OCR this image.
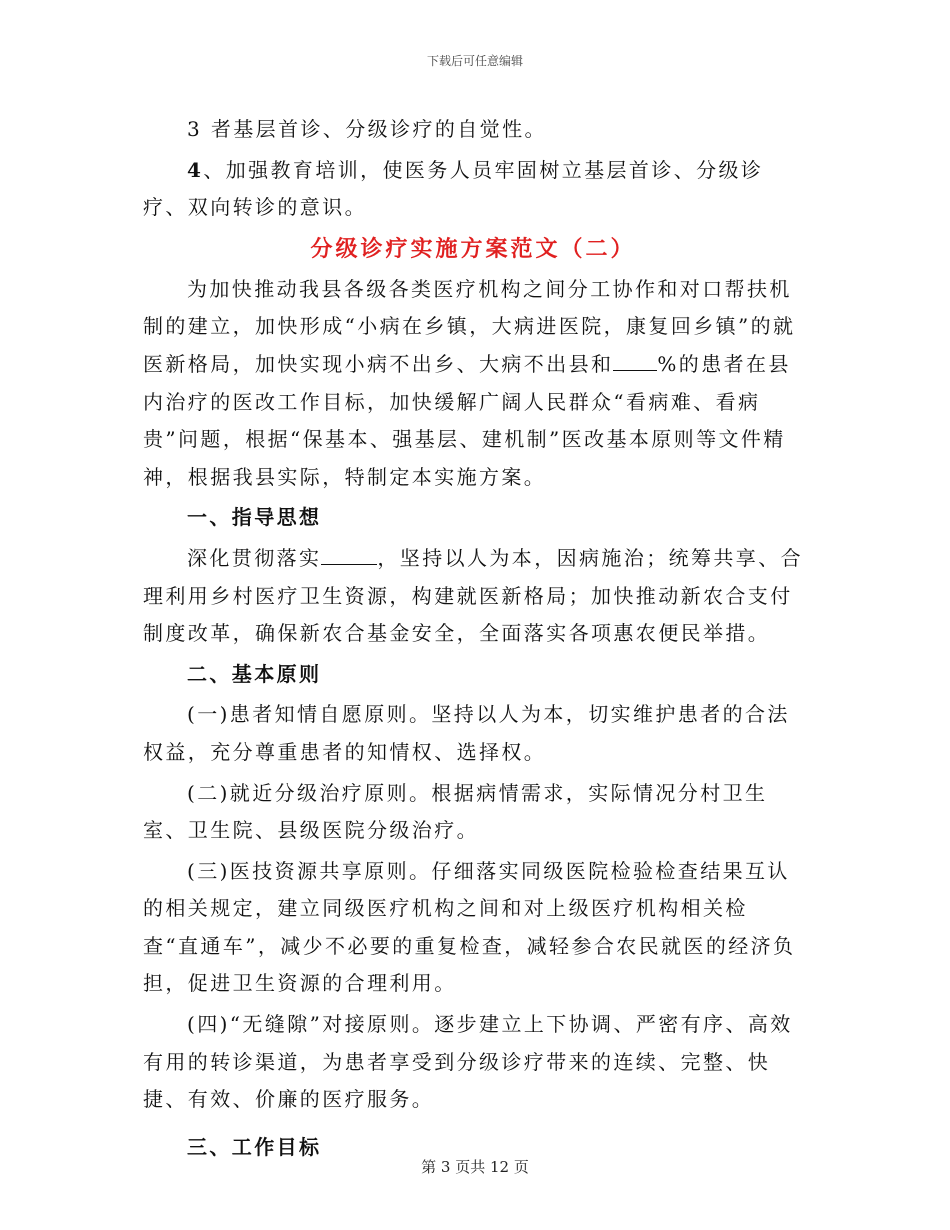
下载后可任意编辑

3 者基层首诊、分级诊疗的自觉性。

4、加强教育培训，使医务人员牢固树立基层首诊、分级诊疗、双向转诊的意识。

分级诊疗实施方案范文（二）

为加快推动我县各级各类医疗机构之间分工协作和对口帮扶机制的建立，加快形成“小病在乡镇，大病进医院，康复回乡镇”的就医新格局，加快实现小病不出乡、大病不出县和 %的患者在县内治疗的医改工作目标，加快缓解广阔人民群众“看病难、看病贵”问题，根据“保基本、强基层、建机制”医改基本原则等文件精神，根据我县实际，特制定本实施方案。

一、指导思想

深化贯彻落实	，坚持以人为本，因病施治；统筹共享、合理利用乡村医疗卫生资源，构建就医新格局；加快推动新农合支付制度改革，确保新农合基金安全，全面落实各项惠农便民举措。

二、基本原则

(一)患者知情自愿原则。坚持以人为本，切实维护患者的合法权益，充分尊重患者的知情权、选择权。

(二)就近分级治疗原则。根据病情需求，实际情况分村卫生室、卫生院、县级医院分级治疗。

(三)医技资源共享原则。仔细落实同级医院检验检查结果互认的相关规定，建立同级医疗机构之间和对上级医疗机构相关检查“直通车”，减少不必要的重复检查，减轻参合农民就医的经济负担，促进卫生资源的合理利用。

(四)“无缝隙”对接原则。逐步建立上下协调、严密有序、高效有用的转诊渠道，为患者享受到分级诊疗带来的连续、完整、快捷、有效、价廉的医疗服务。

三、工作目标

第 3 页共 12 页
